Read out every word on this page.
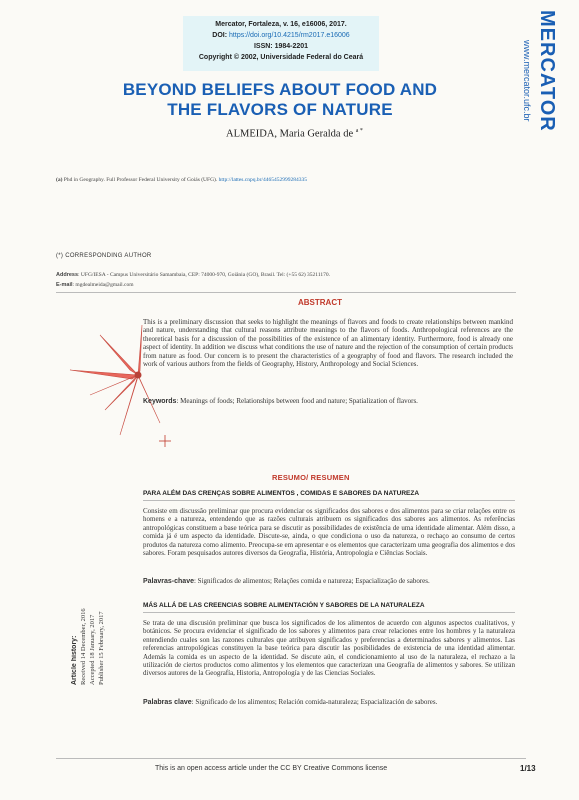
Mercator, Fortaleza, v. 16, e16006, 2017.
DOI: https://doi.org/10.4215/rm2017.e16006
ISSN: 1984-2201
Copyright © 2002, Universidade Federal do Ceará	MERCATOR
www.mercator.ufc.br
BEYOND BELIEFS ABOUT FOOD AND THE FLAVORS OF NATURE
ALMEIDA, Maria Geralda de $^{a *}$
(a) Phd in Geography. Full Professor Federal University of Goiás (UFG). http://lattes.cnpq.br/4465452999284335
(*) CORRESPONDING AUTHOR
Address: UFG/IESA - Campus Universitário Samambaia, CEP: 74000-970, Goiânia (GO), Brasil. Tel: (+55 62) 35211170.
E-mail: mgdealmeida@gmail.com
ABSTRACT
This is a preliminary discussion that seeks to highlight the meanings of flavors and foods to create relationships between mankind and nature, understanding that cultural reasons attribute meanings to the flavors of foods. Anthropological references are the theoretical basis for a discussion of the possibilities of the existence of an alimentary identity. Furthermore, food is already one aspect of identity. In addition we discuss what conditions the use of nature and the rejection of the consumption of certain products from nature as food. Our concern is to present the characteristics of a geography of food and flavors. The research included the work of various authors from the fields of Geography, History, Anthropology and Social Sciences.
Keywords: Meanings of foods; Relationships between food and nature; Spatialization of flavors.
RESUMO/ RESUMEN
PARA ALÉM DAS CRENÇAS SOBRE ALIMENTOS , COMIDAS E SABORES DA NATUREZA
Consiste em discussão preliminar que procura evidenciar os significados dos sabores e dos alimentos para se criar relações entre os homens e a natureza, entendendo que as razões culturais atribuem os significados dos sabores aos alimentos. As referências antropológicas constituem a base teórica para se discutir as possibilidades de existência de uma identidade alimentar. Além disso, a comida já é um aspecto da identidade. Discute-se, ainda, o que condiciona o uso da natureza, o rechaço ao consumo de certos produtos da natureza como alimento. Preocupa-se em apresentar e os elementos que caracterizam uma geografia dos alimentos e dos sabores. Foram pesquisados autores diversos da Geografia, História, Antropologia e Ciências Sociais.
Palavras-chave: Significados de alimentos; Relações comida e natureza; Espacialização de sabores.
MÁS ALLÁ DE LAS CREENCIAS SOBRE ALIMENTACIÓN Y SABORES DE LA NATURALEZA
Se trata de una discusión preliminar que busca los significados de los alimentos de acuerdo con algunos aspectos cualitativos, y botánicos. Se procura evidenciar el significado de los sabores y alimentos para crear relaciones entre los hombres y la naturaleza entendiendo cuales son las razones culturales que atribuyen significados y preferencias a determinados sabores y alimentos. Las referencias antropológicas constituyen la base teórica para discutir las posibilidades de existencia de una identidad alimentar. Además la comida es un aspecto de la identidad. Se discute aún, el condicionamiento al uso de la naturaleza, el rechazo a la utilización de ciertos productos como alimentos y los elementos que caracterizan una Geografía de alimentos y sabores. Se utilizan diversos autores de la Geografía, Historia, Antropología y de las Ciencias Sociales.
Palabras clave: Significado de los alimentos; Relación comida-naturaleza; Espacialización de sabores.
Article history: Received 14 December, 2016 Accepted 18 January, 2017 Publisher 15 February, 2017
This is an open access article under the CC BY Creative Commons license	1/13
